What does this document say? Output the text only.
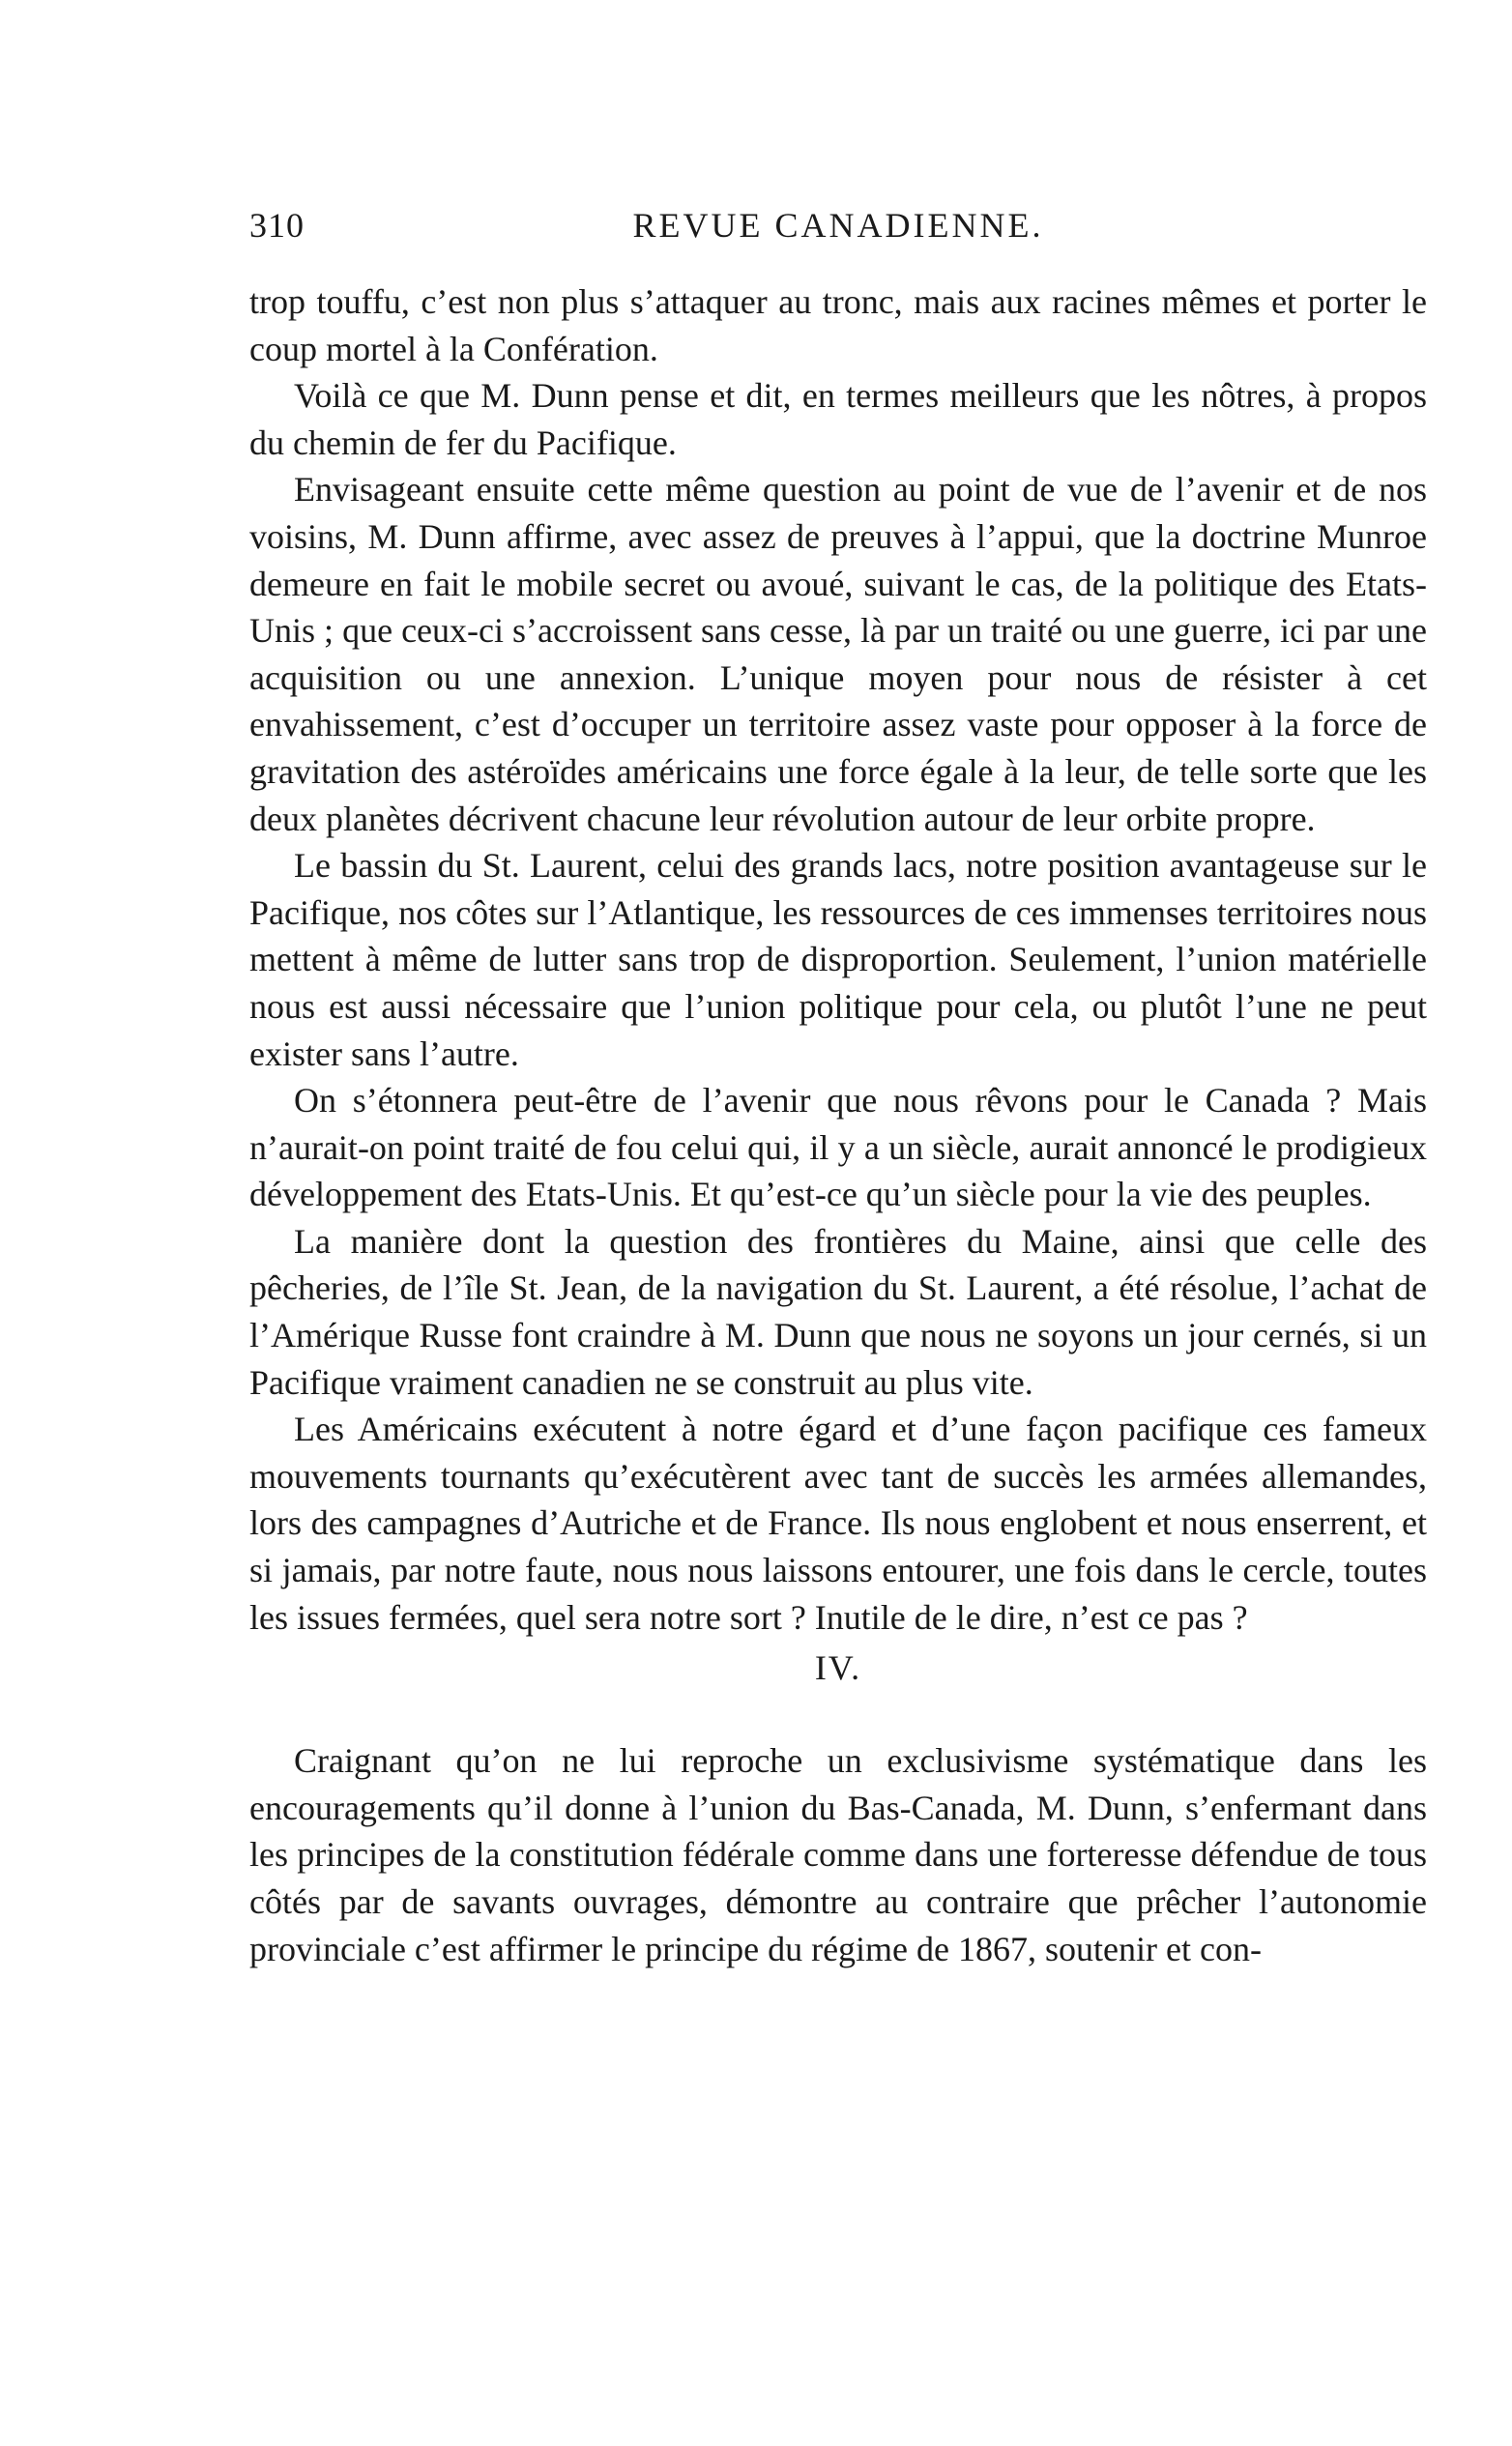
310	REVUE CANADIENNE.

trop touffu, c’est non plus s’attaquer au tronc, mais aux racines mêmes et porter le coup mortel à la Confération.

Voilà ce que M. Dunn pense et dit, en termes meilleurs que les nôtres, à propos du chemin de fer du Pacifique.

Envisageant ensuite cette même question au point de vue de l’avenir et de nos voisins, M. Dunn affirme, avec assez de preuves à l’appui, que la doctrine Munroe demeure en fait le mobile secret ou avoué, suivant le cas, de la politique des Etats-Unis ; que ceux-ci s’accroissent sans cesse, là par un traité ou une guerre, ici par une acquisition ou une annexion. L’unique moyen pour nous de résister à cet envahissement, c’est d’occuper un territoire assez vaste pour opposer à la force de gravitation des astéroïdes américains une force égale à la leur, de telle sorte que les deux planètes décrivent chacune leur révolution autour de leur orbite propre.

Le bassin du St. Laurent, celui des grands lacs, notre position avantageuse sur le Pacifique, nos côtes sur l’Atlantique, les ressources de ces immenses territoires nous mettent à même de lutter sans trop de disproportion. Seulement, l’union matérielle nous est aussi nécessaire que l’union politique pour cela, ou plutôt l’une ne peut exister sans l’autre.

On s’étonnera peut-être de l’avenir que nous rêvons pour le Canada ? Mais n’aurait-on point traité de fou celui qui, il y a un siècle, aurait annoncé le prodigieux développement des Etats-Unis. Et qu’est-ce qu’un siècle pour la vie des peuples.

La manière dont la question des frontières du Maine, ainsi que celle des pêcheries, de l’île St. Jean, de la navigation du St. Laurent, a été résolue, l’achat de l’Amérique Russe font craindre à M. Dunn que nous ne soyons un jour cernés, si un Pacifique vraiment canadien ne se construit au plus vite.

Les Américains exécutent à notre égard et d’une façon pacifique ces fameux mouvements tournants qu’exécutèrent avec tant de succès les armées allemandes, lors des campagnes d’Autriche et de France. Ils nous englobent et nous enserrent, et si jamais, par notre faute, nous nous laissons entourer, une fois dans le cercle, toutes les issues fermées, quel sera notre sort ? Inutile de le dire, n’est ce pas ?

IV.

Craignant qu’on ne lui reproche un exclusivisme systématique dans les encouragements qu’il donne à l’union du Bas-Canada, M. Dunn, s’enfermant dans les principes de la constitution fédérale comme dans une forteresse défendue de tous côtés par de savants ouvrages, démontre au contraire que prêcher l’autonomie provinciale c’est affirmer le principe du régime de 1867, soutenir et con-
